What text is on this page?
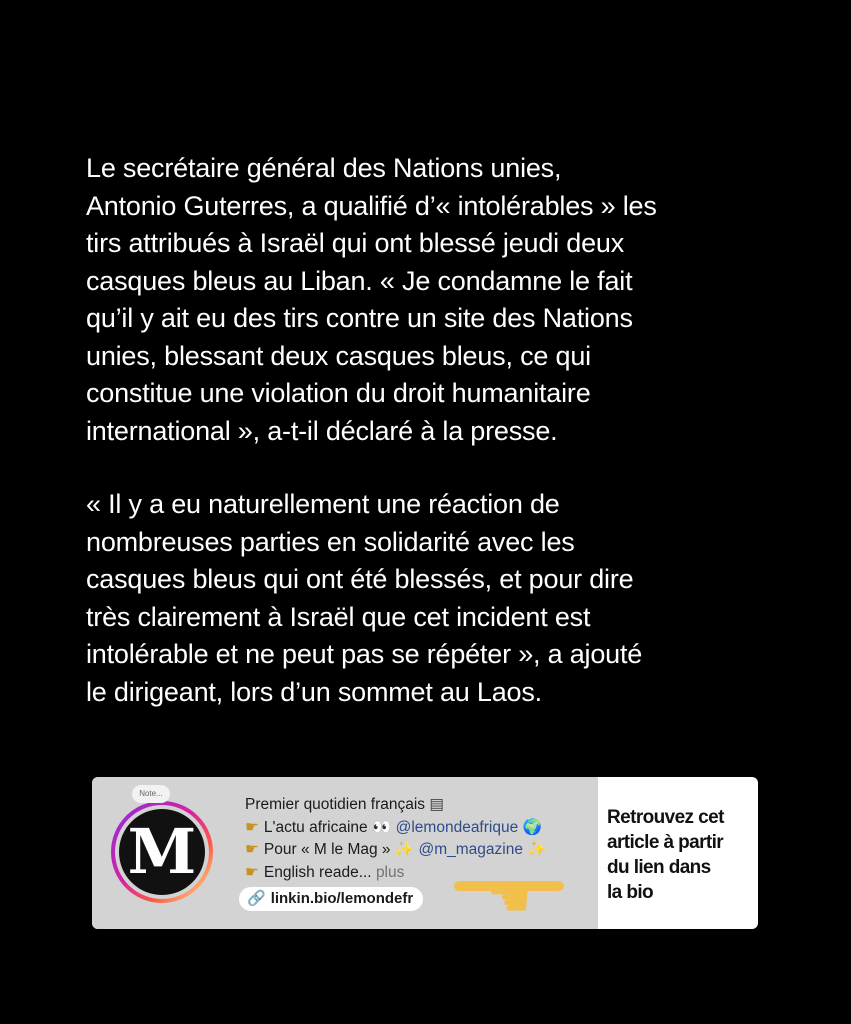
Le secrétaire général des Nations unies,
Antonio Guterres, a qualifié d’« intolérables » les
tirs attribués à Israël qui ont blessé jeudi deux
casques bleus au Liban. « Je condamne le fait
qu’il y ait eu des tirs contre un site des Nations
unies, blessant deux casques bleus, ce qui
constitue une violation du droit humanitaire
international », a-t-il déclaré à la presse.
« Il y a eu naturellement une réaction de
nombreuses parties en solidarité avec les
casques bleus qui ont été blessés, et pour dire
très clairement à Israël que cet incident est
intolérable et ne peut pas se répéter », a ajouté
le dirigeant, lors d’un sommet au Laos.
M
Note...
Premier quotidien français ▤
☛ L'actu africaine 👀 @lemondeafrique 🌍
☛ Pour « M le Mag » ✨ @m_magazine ✨
☛ English reade... plus
🔗 linkin.bio/lemondefr	☚
Retrouvez cet
article à partir
du lien dans
la bio
